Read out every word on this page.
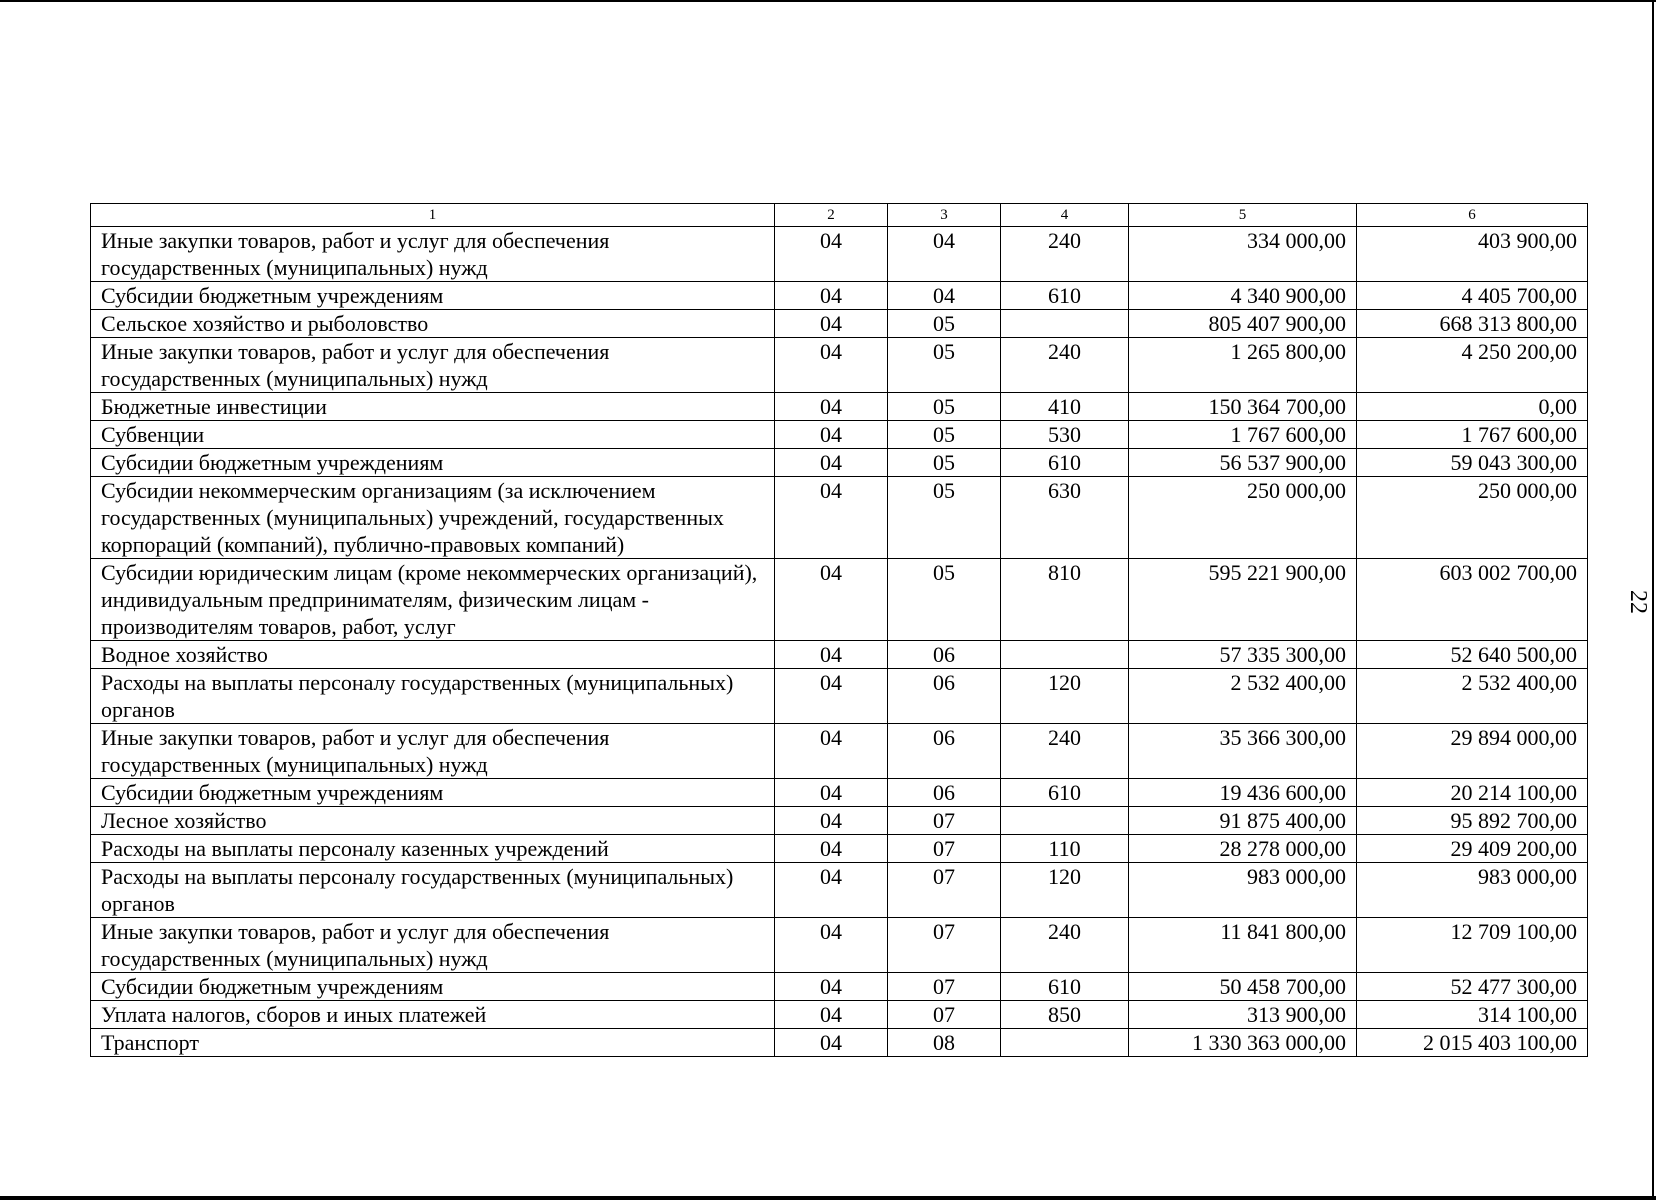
22
1	2	3	4	5	6
Иные закупки товаров, работ и услуг для обеспечения государственных (муниципальных) нужд	04	04	240	334 000,00	403 900,00
Субсидии бюджетным учреждениям	04	04	610	4 340 900,00	4 405 700,00
Сельское хозяйство и рыболовство	04	05		805 407 900,00	668 313 800,00
Иные закупки товаров, работ и услуг для обеспечения государственных (муниципальных) нужд	04	05	240	1 265 800,00	4 250 200,00
Бюджетные инвестиции	04	05	410	150 364 700,00	0,00
Субвенции	04	05	530	1 767 600,00	1 767 600,00
Субсидии бюджетным учреждениям	04	05	610	56 537 900,00	59 043 300,00
Субсидии некоммерческим организациям (за исключением государственных (муниципальных) учреждений, государственных корпораций (компаний), публично-правовых компаний)	04	05	630	250 000,00	250 000,00
Субсидии юридическим лицам (кроме некоммерческих организаций), индивидуальным предпринимателям, физическим лицам - производителям товаров, работ, услуг	04	05	810	595 221 900,00	603 002 700,00
Водное хозяйство	04	06		57 335 300,00	52 640 500,00
Расходы на выплаты персоналу государственных (муниципальных) органов	04	06	120	2 532 400,00	2 532 400,00
Иные закупки товаров, работ и услуг для обеспечения государственных (муниципальных) нужд	04	06	240	35 366 300,00	29 894 000,00
Субсидии бюджетным учреждениям	04	06	610	19 436 600,00	20 214 100,00
Лесное хозяйство	04	07		91 875 400,00	95 892 700,00
Расходы на выплаты персоналу казенных учреждений	04	07	110	28 278 000,00	29 409 200,00
Расходы на выплаты персоналу государственных (муниципальных) органов	04	07	120	983 000,00	983 000,00
Иные закупки товаров, работ и услуг для обеспечения государственных (муниципальных) нужд	04	07	240	11 841 800,00	12 709 100,00
Субсидии бюджетным учреждениям	04	07	610	50 458 700,00	52 477 300,00
Уплата налогов, сборов и иных платежей	04	07	850	313 900,00	314 100,00
Транспорт	04	08		1 330 363 000,00	2 015 403 100,00
